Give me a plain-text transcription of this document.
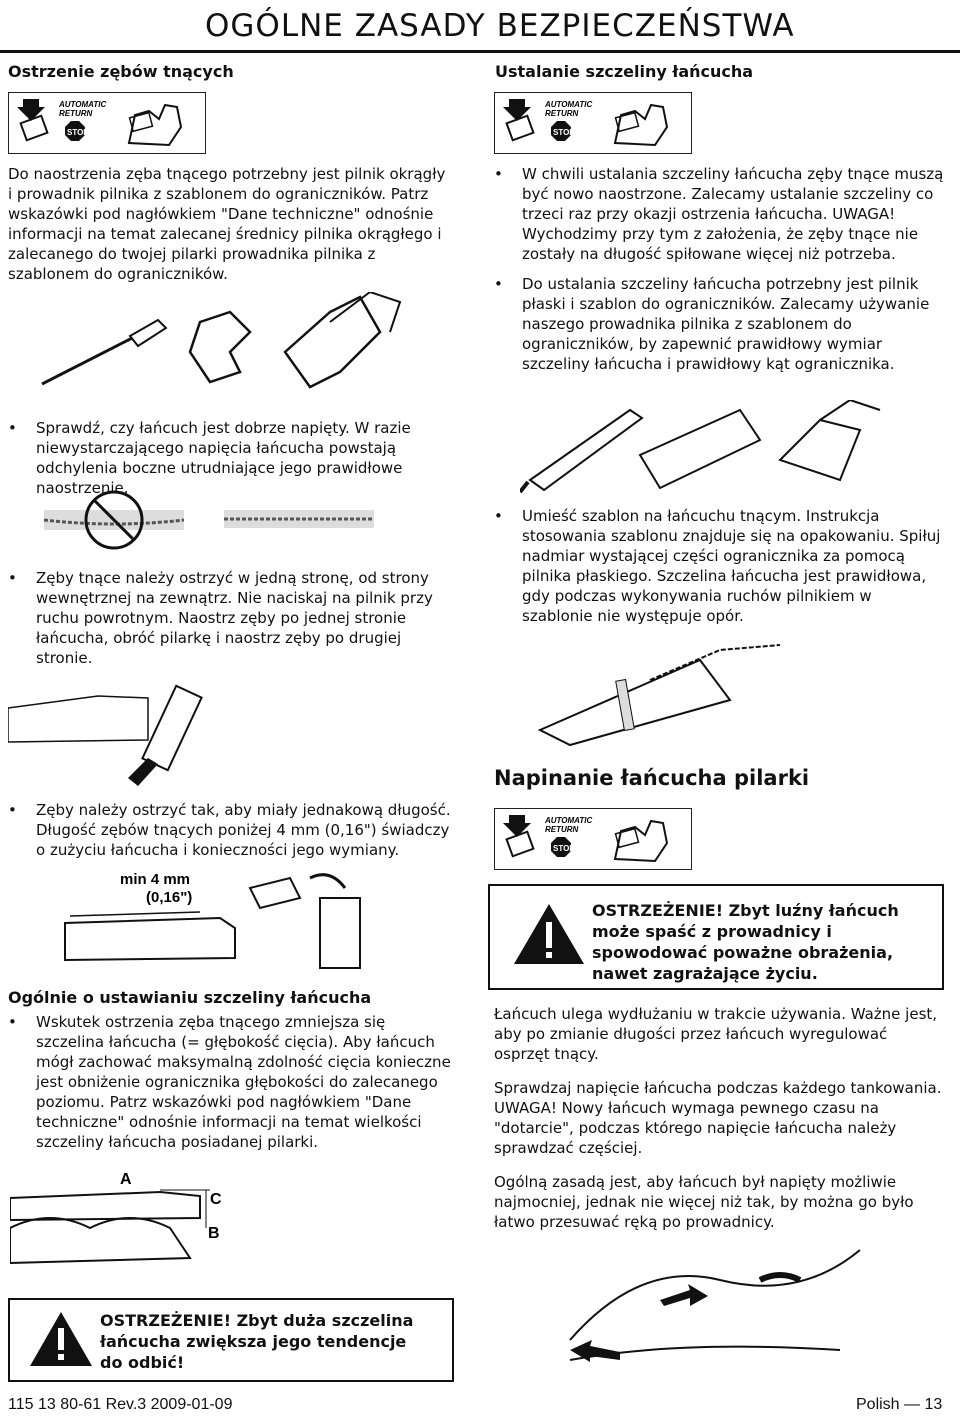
Ostrzenie zębów tnących
OGÓLNE ZASADY BEZPIECZEŃSTWA
Ustalanie szczeliny łańcucha
AUTOMATIC
RETURN
STOP
AUTOMATIC
RETURN
STOP
Do naostrzenia zęba tnącego potrzebny jest pilnik okrągły i prowadnik pilnika z szablonem do ograniczników. Patrz wskazówki pod nagłówkiem "Dane techniczne" odnośnie informacji na temat zalecanej średnicy pilnika okrągłego i zalecanego do twojej pilarki prowadnika pilnika z szablonem do ograniczników.
• Sprawdź, czy łańcuch jest dobrze napięty. W razie niewystarczającego napięcia łańcucha powstają odchylenia boczne utrudniające jego prawidłowe naostrzenie.
• Zęby tnące należy ostrzyć w jedną stronę, od strony wewnętrznej na zewnątrz. Nie naciskaj na pilnik przy ruchu powrotnym. Naostrz zęby po jednej stronie łańcucha, obróć pilarkę i naostrz zęby po drugiej stronie.
• Zęby należy ostrzyć tak, aby miały jednakową długość. Długość zębów tnących poniżej 4 mm (0,16") świadczy o zużyciu łańcucha i konieczności jego wymiany.
min 4 mm
(0,16")
Ogólnie o ustawianiu szczeliny łańcucha
• Wskutek ostrzenia zęba tnącego zmniejsza się szczelina łańcucha (= głębokość cięcia). Aby łańcuch mógł zachować maksymalną zdolność cięcia konieczne jest obniżenie ogranicznika głębokości do zalecanego poziomu. Patrz wskazówki pod nagłówkiem "Dane techniczne" odnośnie informacji na temat wielkości szczeliny łańcucha posiadanej pilarki.
A
C
B
OSTRZEŻENIE! Zbyt duża szczelina łańcucha zwiększa jego tendencje do odbić!
• W chwili ustalania szczeliny łańcucha zęby tnące muszą być nowo naostrzone. Zalecamy ustalanie szczeliny co trzeci raz przy okazji ostrzenia łańcucha. UWAGA! Wychodzimy przy tym z założenia, że zęby tnące nie zostały na długość spiłowane więcej niż potrzeba.
• Do ustalania szczeliny łańcucha potrzebny jest pilnik płaski i szablon do ograniczników. Zalecamy używanie naszego prowadnika pilnika z szablonem do ograniczników, by zapewnić prawidłowy wymiar szczeliny łańcucha i prawidłowy kąt ogranicznika.
• Umieść szablon na łańcuchu tnącym. Instrukcja stosowania szablonu znajduje się na opakowaniu. Spiłuj nadmiar wystającej części ogranicznika za pomocą pilnika płaskiego. Szczelina łańcucha jest prawidłowa, gdy podczas wykonywania ruchów pilnikiem w szablonie nie występuje opór.
Napinanie łańcucha pilarki
AUTOMATIC
RETURN
STOP
OSTRZEŻENIE! Zbyt luźny łańcuch może spaść z prowadnicy i spowodować poważne obrażenia, nawet zagrażające życiu.
Łańcuch ulega wydłużaniu w trakcie używania. Ważne jest, aby po zmianie długości przez łańcuch wyregulować osprzęt tnący.
Sprawdzaj napięcie łańcucha podczas każdego tankowania. UWAGA! Nowy łańcuch wymaga pewnego czasu na "dotarcie", podczas którego napięcie łańcucha należy sprawdzać częściej.
Ogólną zasadą jest, aby łańcuch był napięty możliwie najmocniej, jednak nie więcej niż tak, by można go było łatwo przesuwać ręką po prowadnicy.
115 13 80-61 Rev.3 2009-01-09	Polish — 13
